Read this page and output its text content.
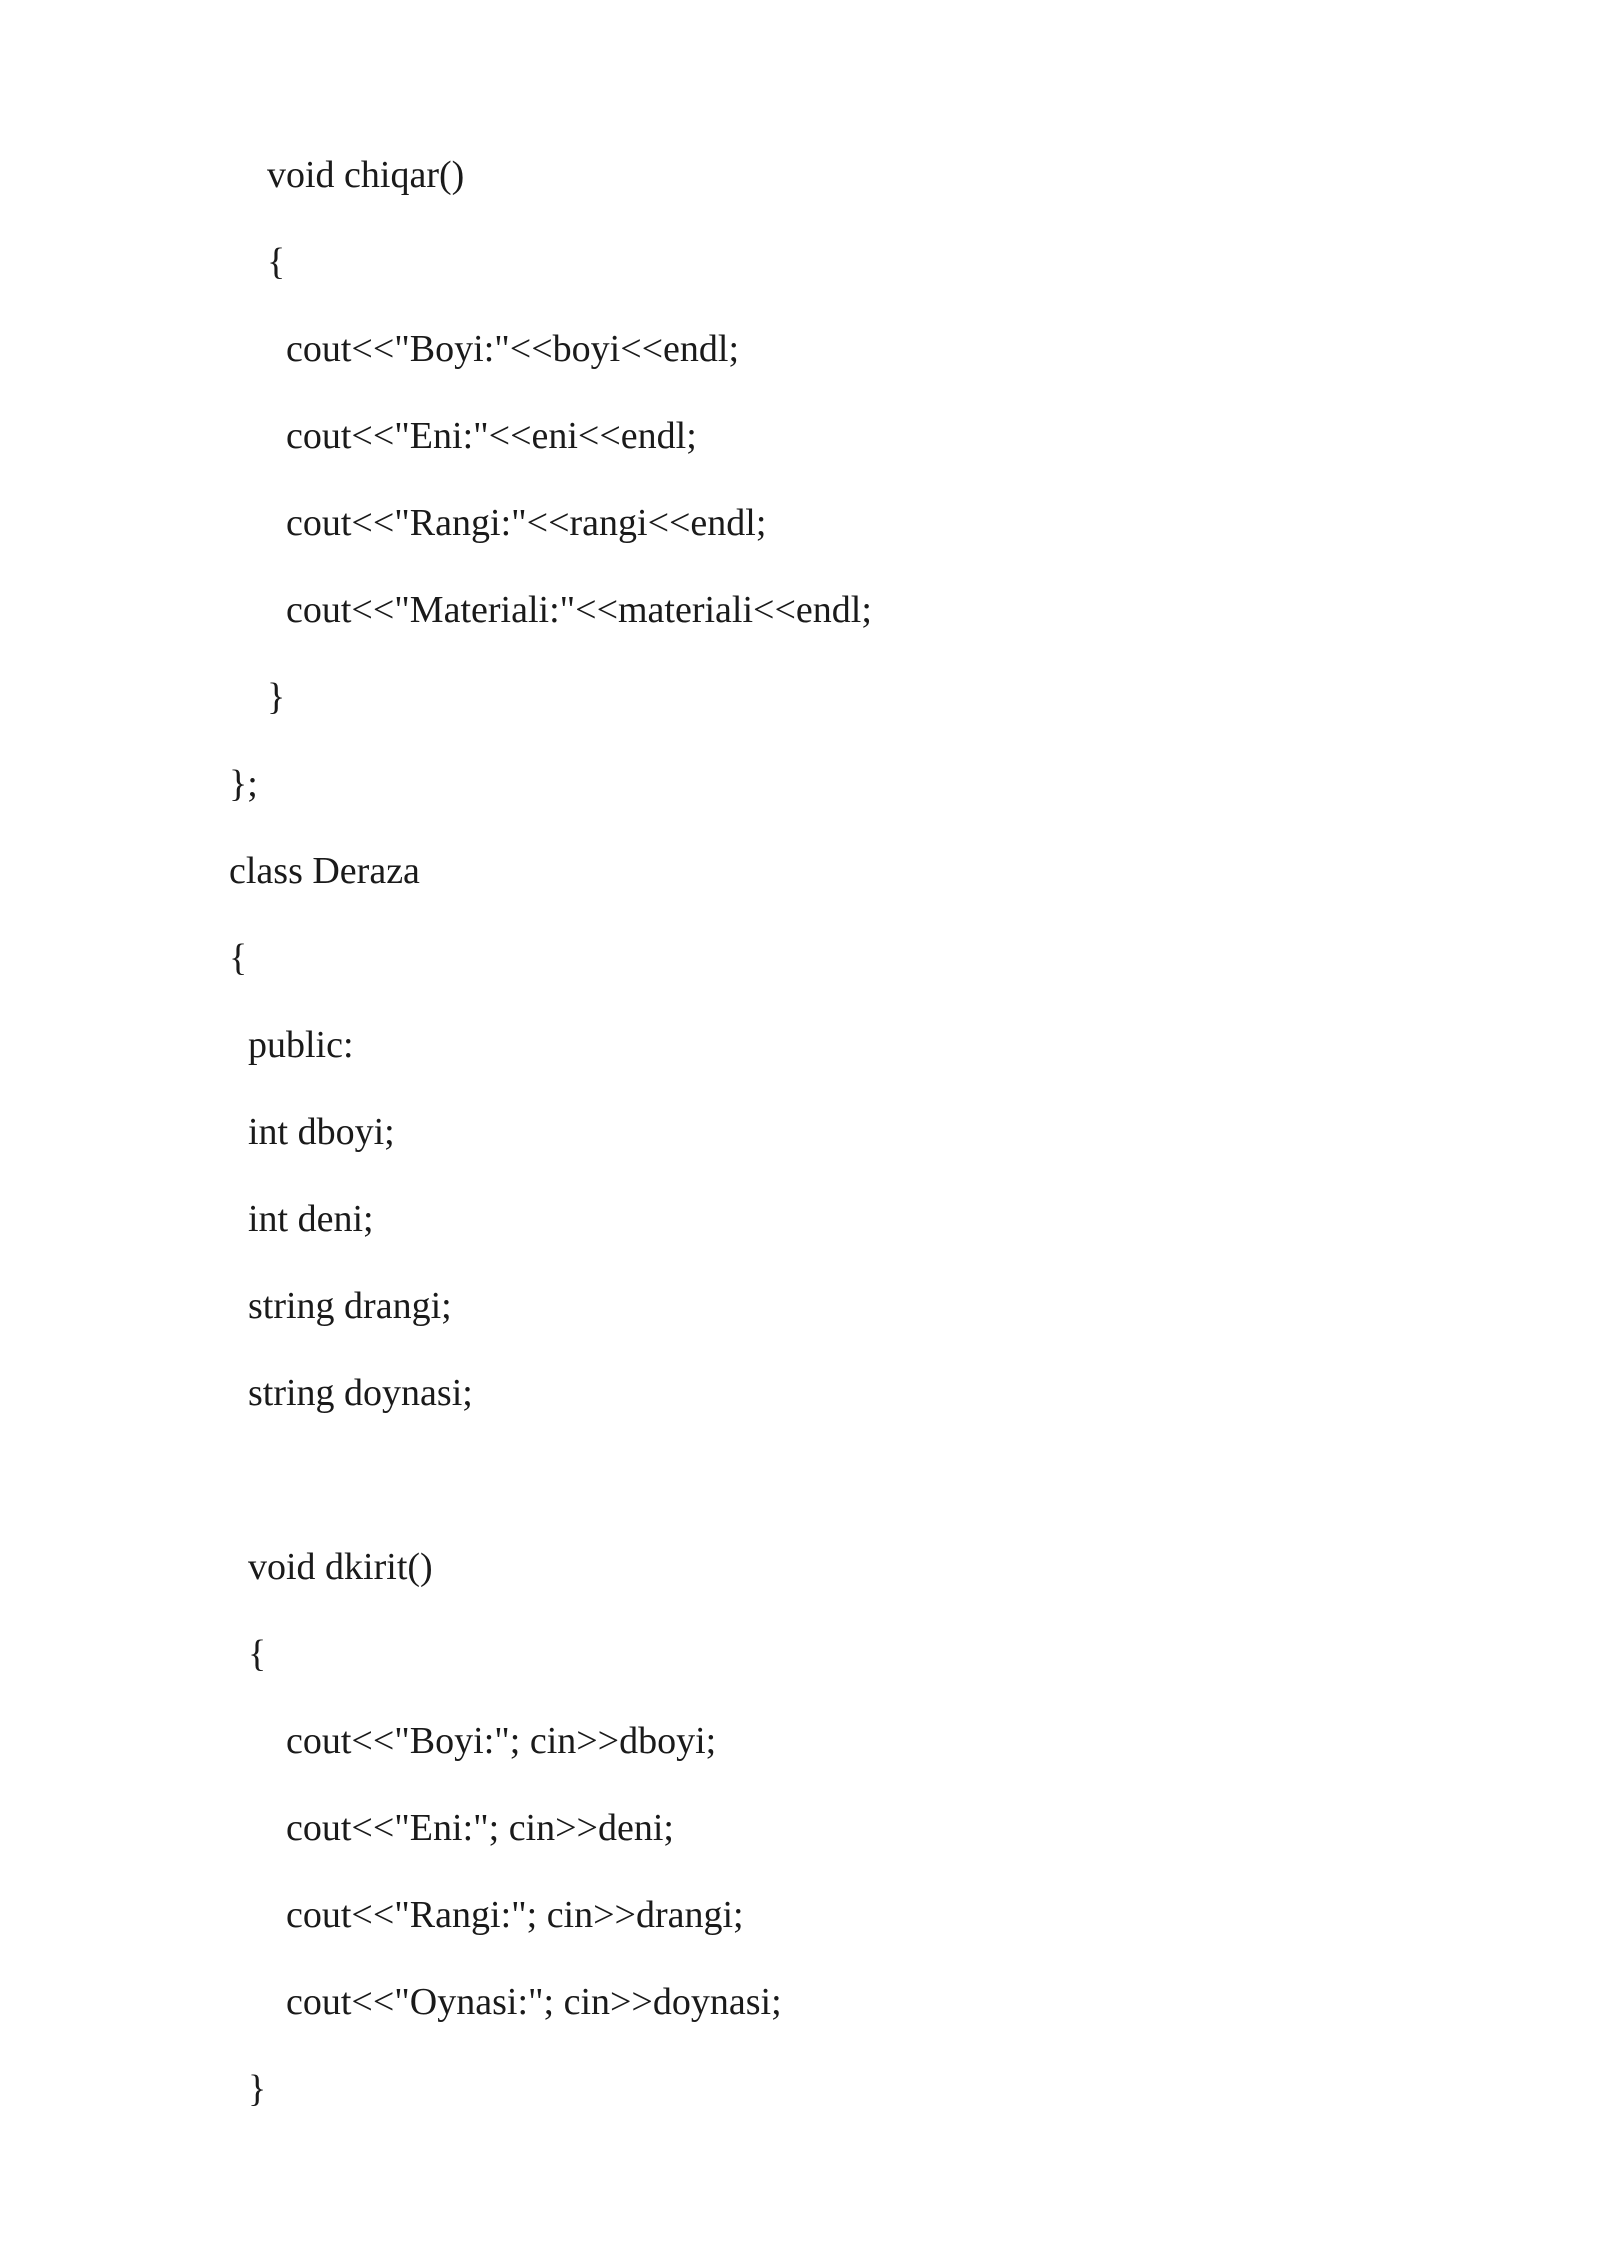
void chiqar()
{
cout<<"Boyi:"<<boyi<<endl;
cout<<"Eni:"<<eni<<endl;
cout<<"Rangi:"<<rangi<<endl;
cout<<"Materiali:"<<materiali<<endl;
}
};
class Deraza
{
public:
int dboyi;
int deni;
string drangi;
string doynasi;
void dkirit()
{
cout<<"Boyi:"; cin>>dboyi;
cout<<"Eni:"; cin>>deni;
cout<<"Rangi:"; cin>>drangi;
cout<<"Oynasi:"; cin>>doynasi;
}
